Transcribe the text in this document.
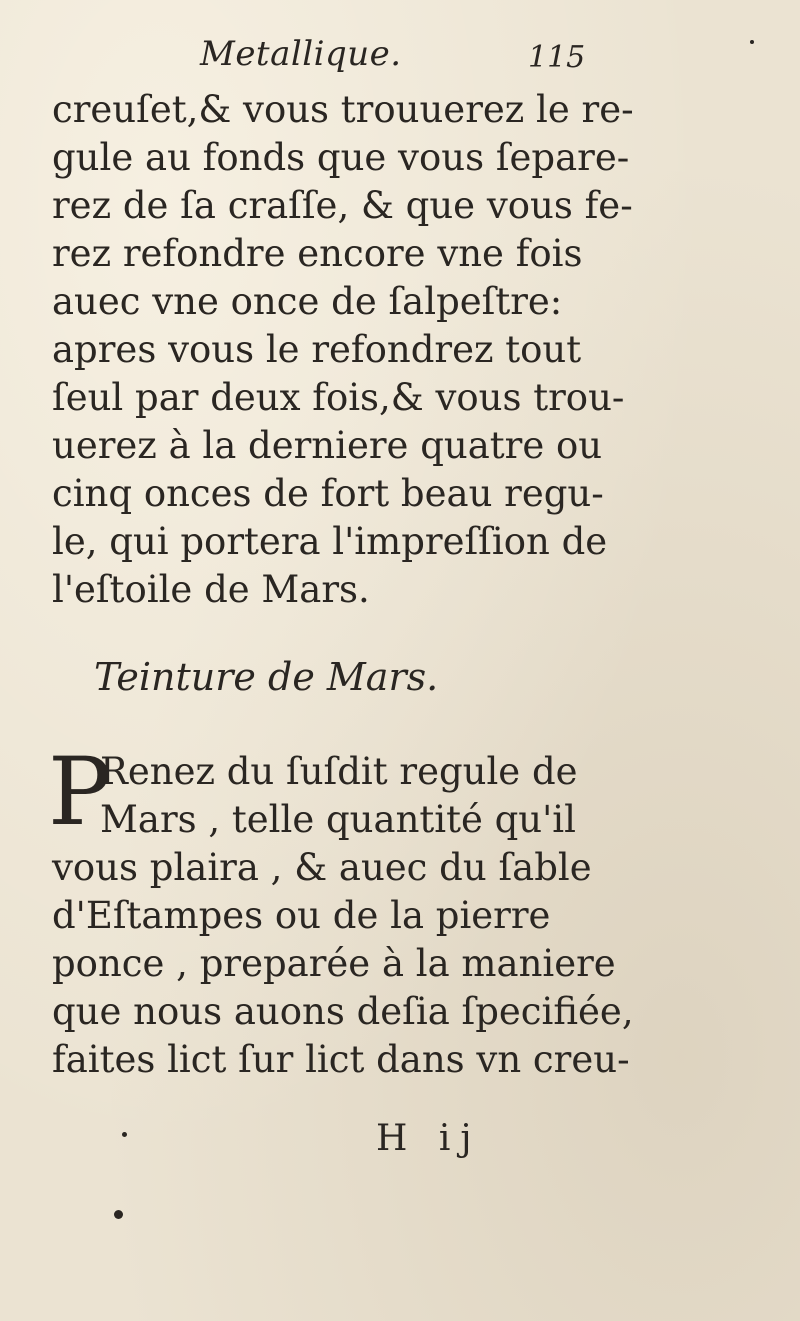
Metallique.	115
creuſet,& vous trouuerez le re-
gule au fonds que vous ſepare-
rez de ſa craſſe, & que vous fe-
rez refondre encore vne fois
auec vne once de ſalpeſtre:
apres vous le refondrez tout
ſeul par deux fois,& vous trou-
uerez à la derniere quatre ou
cinq onces de fort beau regu-
le, qui portera l'impreſſion de
l'eſtoile de Mars.
Teinture de Mars.
P
Renez du ſuſdit regule de
Mars , telle quantité qu'il
vous plaira , & auec du ſable
d'Eſtampes ou de la pierre
ponce , preparée à la maniere
que nous auons deſia ſpecifiée,
faites lict ſur lict dans vn creu-
H ij
